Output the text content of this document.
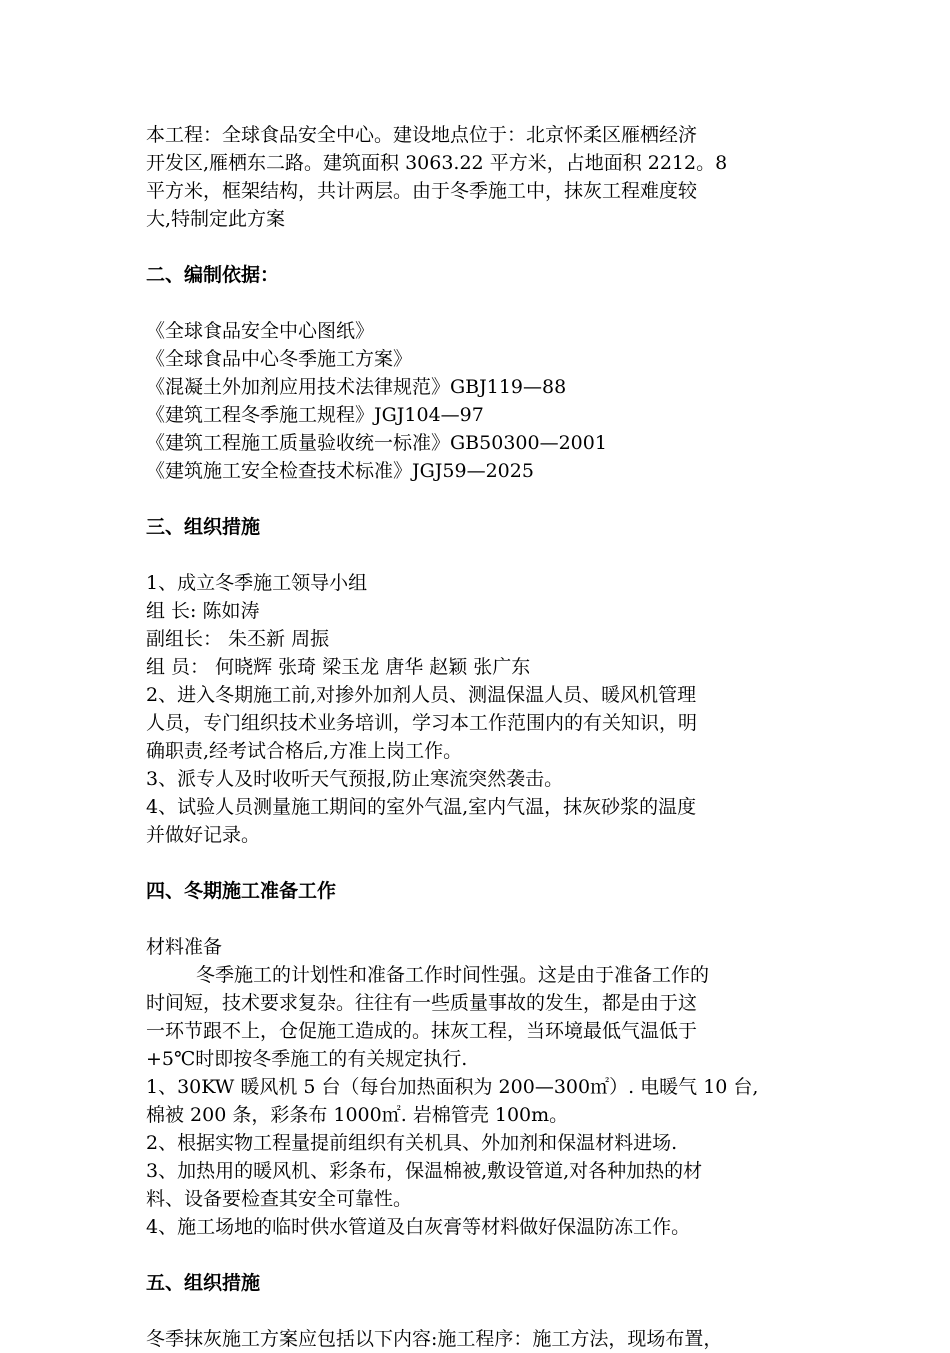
本工程：全球食品安全中心。建设地点位于：北京怀柔区雁栖经济
开发区,雁栖东二路。建筑面积 3063.22 平方米，占地面积 2212。8
平方米，框架结构，共计两层。由于冬季施工中，抹灰工程难度较
大,特制定此方案
二、编制依据：
《全球食品安全中心图纸》
《全球食品中心冬季施工方案》
《混凝土外加剂应用技术法律规范》GBJ119—88
《建筑工程冬季施工规程》JGJ104—97
《建筑工程施工质量验收统一标准》GB50300—2001
《建筑施工安全检查技术标准》JGJ59—2025
三、组织措施
1、成立冬季施工领导小组
组 长: 陈如涛
副组长： 朱丕新 周振
组 员： 何晓辉 张琦 梁玉龙 唐华 赵颖 张广东
2、进入冬期施工前,对掺外加剂人员、测温保温人员、暖风机管理
人员，专门组织技术业务培训，学习本工作范围内的有关知识，明
确职责,经考试合格后,方准上岗工作。
3、派专人及时收听天气预报,防止寒流突然袭击。
4、试验人员测量施工期间的室外气温,室内气温，抹灰砂浆的温度
并做好记录。
四、冬期施工准备工作
材料准备
冬季施工的计划性和准备工作时间性强。这是由于准备工作的
时间短，技术要求复杂。往往有一些质量事故的发生，都是由于这
一环节跟不上，仓促施工造成的。抹灰工程，当环境最低气温低于
+5℃时即按冬季施工的有关规定执行.
1、30KW 暖风机 5 台（每台加热面积为 200—300㎡）. 电暖气 10 台,
棉被 200 条，彩条布 1000㎡. 岩棉管壳 100m。
2、根据实物工程量提前组织有关机具、外加剂和保温材料进场.
3、加热用的暖风机、彩条布，保温棉被,敷设管道,对各种加热的材
料、设备要检查其安全可靠性。
4、施工场地的临时供水管道及白灰膏等材料做好保温防冻工作。
五、组织措施
冬季抹灰施工方案应包括以下内容:施工程序：施工方法，现场布置，
